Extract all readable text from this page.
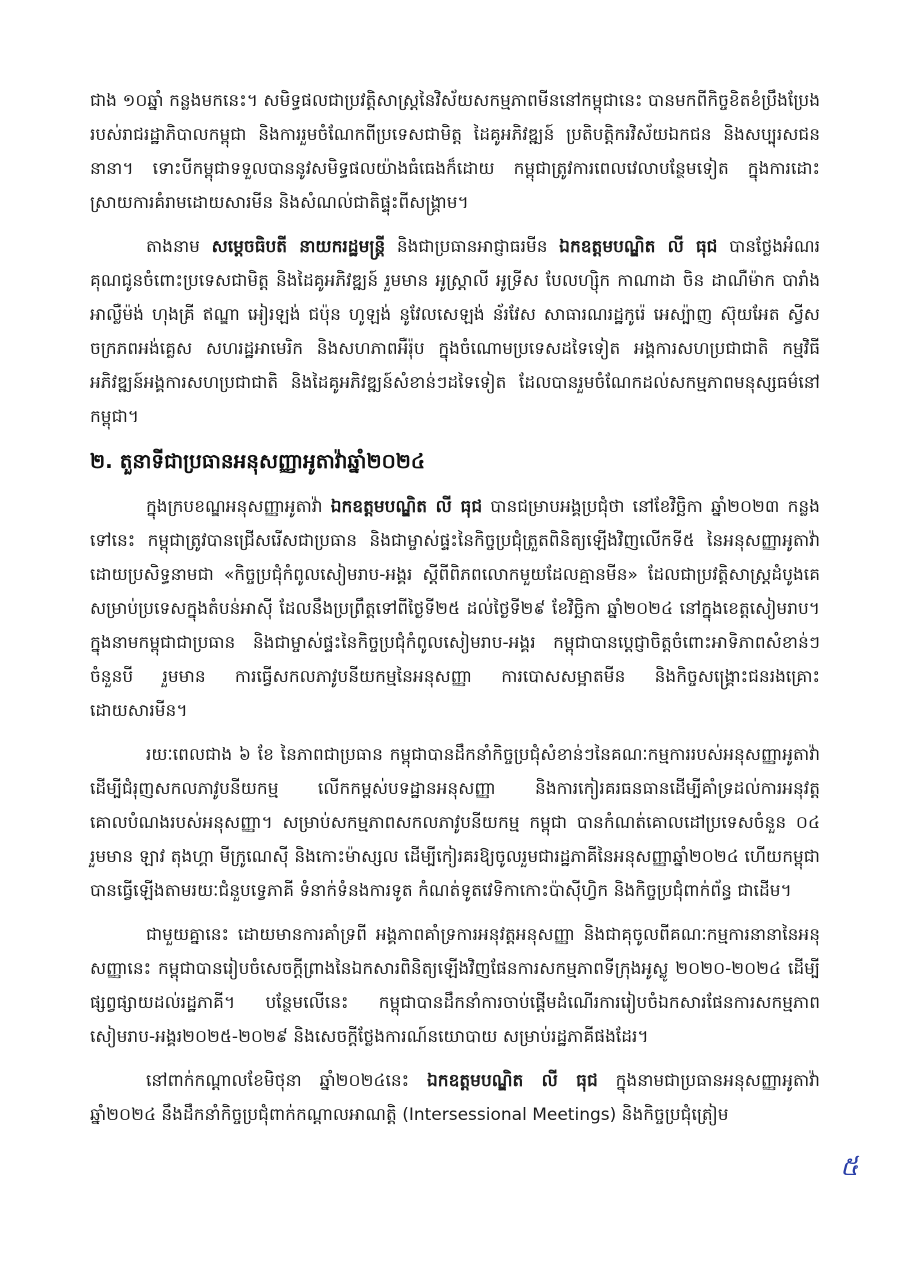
ជាង ១០ឆ្នាំ កន្លងមកនេះ។ សមិទ្ធផលជាប្រវត្តិសាស្ត្រនៃវិស័យសកម្មភាពមីននៅកម្ពុជានេះ បានមកពីកិច្ចខិតខំប្រឹងប្រែងរបស់រាជរដ្ឋាភិបាលកម្ពុជា និងការរួមចំណែកពីប្រទេសជាមិត្ត ដៃគូអភិវឌ្ឍន៍ ប្រតិបត្តិករវិស័យឯកជន និងសប្បុរសជននានា។ ទោះបីកម្ពុជាទទួលបាននូវសមិទ្ធផលយ៉ាងធំធេងក៏ដោយ កម្ពុជាត្រូវការពេលវេលាបន្ថែមទៀត ក្នុងការដោះស្រាយការគំរាមដោយសារមីន និងសំណល់ជាតិផ្ទុះពីសង្គ្រាម។

តាងនាម សម្តេចធិបតី នាយករដ្ឋមន្ត្រី និងជាប្រធានអាជ្ញាធរមីន ឯកឧត្តមបណ្ឌិត លី ធុជ បានថ្លែងអំណរគុណជូនចំពោះប្រទេសជាមិត្ត និងដៃគូអភិវឌ្ឍន៍ រួមមាន អូស្ត្រាលី អូទ្រីស បែលហ្ស៊ិក កាណាដា ចិន ដាណឺម៉ាក បារាំង អាល្លឺម៉ង់ ហុងគ្រី ឥណ្ឌា អៀរឡង់ ជប៉ុន ហូឡង់ នូវែលសេឡង់ ន័រវែស សាធារណរដ្ឋកូរ៉េ អេស្ប៉ាញ ស៊ុយអែត ស្វីស ចក្រភពអង់គ្លេស សហរដ្ឋអាមេរិក និងសហភាពអឺរ៉ុប ក្នុងចំណោមប្រទេសដទៃទៀត អង្គការសហប្រជាជាតិ កម្មវិធីអភិវឌ្ឍន៍អង្គការសហប្រជាជាតិ និងដៃគូអភិវឌ្ឍន៍សំខាន់ៗដទៃទៀត ដែលបានរួមចំណែកដល់សកម្មភាពមនុស្សធម៌នៅកម្ពុជា។

២. តួនាទីជាប្រធានអនុសញ្ញាអូតាវ៉ាឆ្នាំ២០២៤

ក្នុងក្របខណ្ឌអនុសញ្ញាអូតាវ៉ា ឯកឧត្តមបណ្ឌិត លី ធុជ បានជម្រាបអង្គប្រជុំថា នៅខែវិច្ឆិកា ឆ្នាំ២០២៣ កន្លងទៅនេះ កម្ពុជាត្រូវបានជ្រើសរើសជាប្រធាន និងជាម្ចាស់ផ្ទះនៃកិច្ចប្រជុំត្រួតពិនិត្យឡើងវិញលើកទី៥ នៃអនុសញ្ញាអូតាវ៉ា ដោយប្រសិទ្ធនាមជា «កិច្ចប្រជុំកំពូលសៀមរាប-អង្គរ ស្តីពីពិភពលោកមួយដែលគ្មានមីន» ដែលជាប្រវត្តិសាស្ត្រដំបូងគេសម្រាប់ប្រទេសក្នុងតំបន់អាស៊ី ដែលនឹងប្រព្រឹត្តទៅពីថ្ងៃទី២៥ ដល់ថ្ងៃទី២៩ ខែវិច្ឆិកា ឆ្នាំ២០២៤ នៅក្នុងខេត្តសៀមរាប។ ក្នុងនាមកម្ពុជាជាប្រធាន និងជាម្ចាស់ផ្ទះនៃកិច្ចប្រជុំកំពូលសៀមរាប-អង្គរ កម្ពុជាបានប្តេជ្ញាចិត្តចំពោះអាទិភាពសំខាន់ៗចំនួនបី រួមមាន ការធ្វើសកលភាវូបនីយកម្មនៃអនុសញ្ញា ការបោសសម្អាតមីន និងកិច្ចសង្គ្រោះជនរងគ្រោះដោយសារមីន។

រយៈពេលជាង ៦ ខែ នៃភាពជាប្រធាន កម្ពុជាបានដឹកនាំកិច្ចប្រជុំសំខាន់ៗនៃគណៈកម្មការរបស់អនុសញ្ញាអូតាវ៉ា ដើម្បីជំរុញសកលភាវូបនីយកម្ម លើកកម្ពស់បទដ្ឋានអនុសញ្ញា និងការកៀរគរធនធានដើម្បីគាំទ្រដល់ការអនុវត្តគោលបំណងរបស់អនុសញ្ញា។ សម្រាប់សកម្មភាពសកលភាវូបនីយកម្ម កម្ពុជា បានកំណត់គោលដៅប្រទេសចំនួន ០៤ រួមមាន ឡាវ តុងហ្គា មីក្រូណេស៊ី និងកោះម៉ាស្សល ដើម្បីកៀរគរឱ្យចូលរួមជារដ្ឋភាគីនៃអនុសញ្ញាឆ្នាំ២០២៤ ហើយកម្ពុជា បានធ្វើឡើងតាមរយៈជំនួបទ្វេភាគី ទំនាក់ទំនងការទូត កំណត់ទូតវេទិកាកោះប៉ាស៊ីហ្វិក និងកិច្ចប្រជុំពាក់ព័ន្ធ ជាដើម។

ជាមួយគ្នានេះ ដោយមានការគាំទ្រពី អង្គភាពគាំទ្រការអនុវត្តអនុសញ្ញា និងជាគុចូលពីគណៈកម្មការនានានៃអនុសញ្ញានេះ កម្ពុជាបានរៀបចំសេចក្តីព្រាងនៃឯកសារពិនិត្យឡើងវិញផែនការសកម្មភាពទីក្រុងអូស្លូ ២០២០-២០២៤ ដើម្បីផ្សព្វផ្សាយដល់រដ្ឋភាគី។ បន្ថែមលើនេះ កម្ពុជាបានដឹកនាំការចាប់ផ្តើមដំណើរការរៀបចំឯកសារផែនការសកម្មភាពសៀមរាប-អង្គរ២០២៥-២០២៩ និងសេចក្តីថ្លែងការណ៍នយោបាយ សម្រាប់រដ្ឋភាគីផងដែរ។

នៅពាក់កណ្តាលខែមិថុនា ឆ្នាំ២០២៤នេះ ឯកឧត្តមបណ្ឌិត លី ធុជ ក្នុងនាមជាប្រធានអនុសញ្ញាអូតាវ៉ាឆ្នាំ២០២៤ នឹងដឹកនាំកិច្ចប្រជុំពាក់កណ្តាលអាណត្តិ (Intersessional Meetings) និងកិច្ចប្រជុំត្រៀម

៥
